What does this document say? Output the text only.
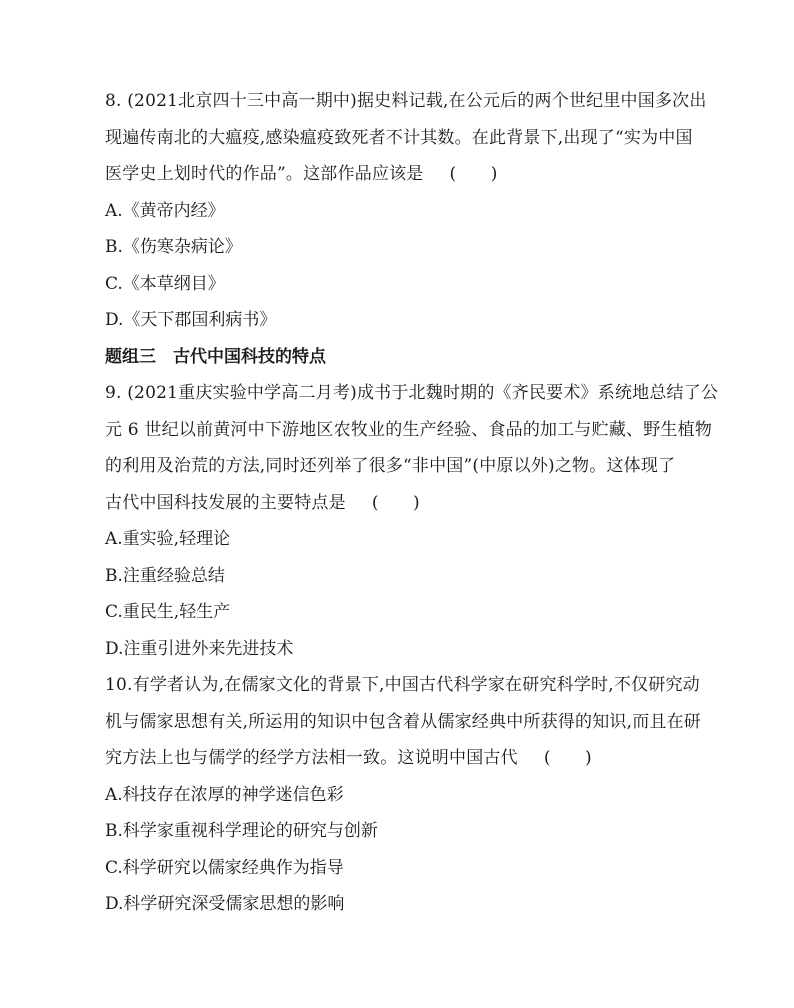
8. (2021北京四十三中高一期中)据史料记载,在公元后的两个世纪里中国多次出
现遍传南北的大瘟疫,感染瘟疫致死者不计其数。在此背景下,出现了“实为中国
医学史上划时代的作品”。这部作品应该是 (　　)
A.《黄帝内经》
B.《伤寒杂病论》
C.《本草纲目》
D.《天下郡国利病书》
题组三　古代中国科技的特点
9. (2021重庆实验中学高二月考)成书于北魏时期的《齐民要术》系统地总结了公
元 6 世纪以前黄河中下游地区农牧业的生产经验、食品的加工与贮藏、野生植物
的利用及治荒的方法,同时还列举了很多“非中国”(中原以外)之物。这体现了
古代中国科技发展的主要特点是 (　　)
A.重实验,轻理论
B.注重经验总结
C.重民生,轻生产
D.注重引进外来先进技术
10.有学者认为,在儒家文化的背景下,中国古代科学家在研究科学时,不仅研究动
机与儒家思想有关,所运用的知识中包含着从儒家经典中所获得的知识,而且在研
究方法上也与儒学的经学方法相一致。这说明中国古代 (　　)
A.科技存在浓厚的神学迷信色彩
B.科学家重视科学理论的研究与创新
C.科学研究以儒家经典作为指导
D.科学研究深受儒家思想的影响
